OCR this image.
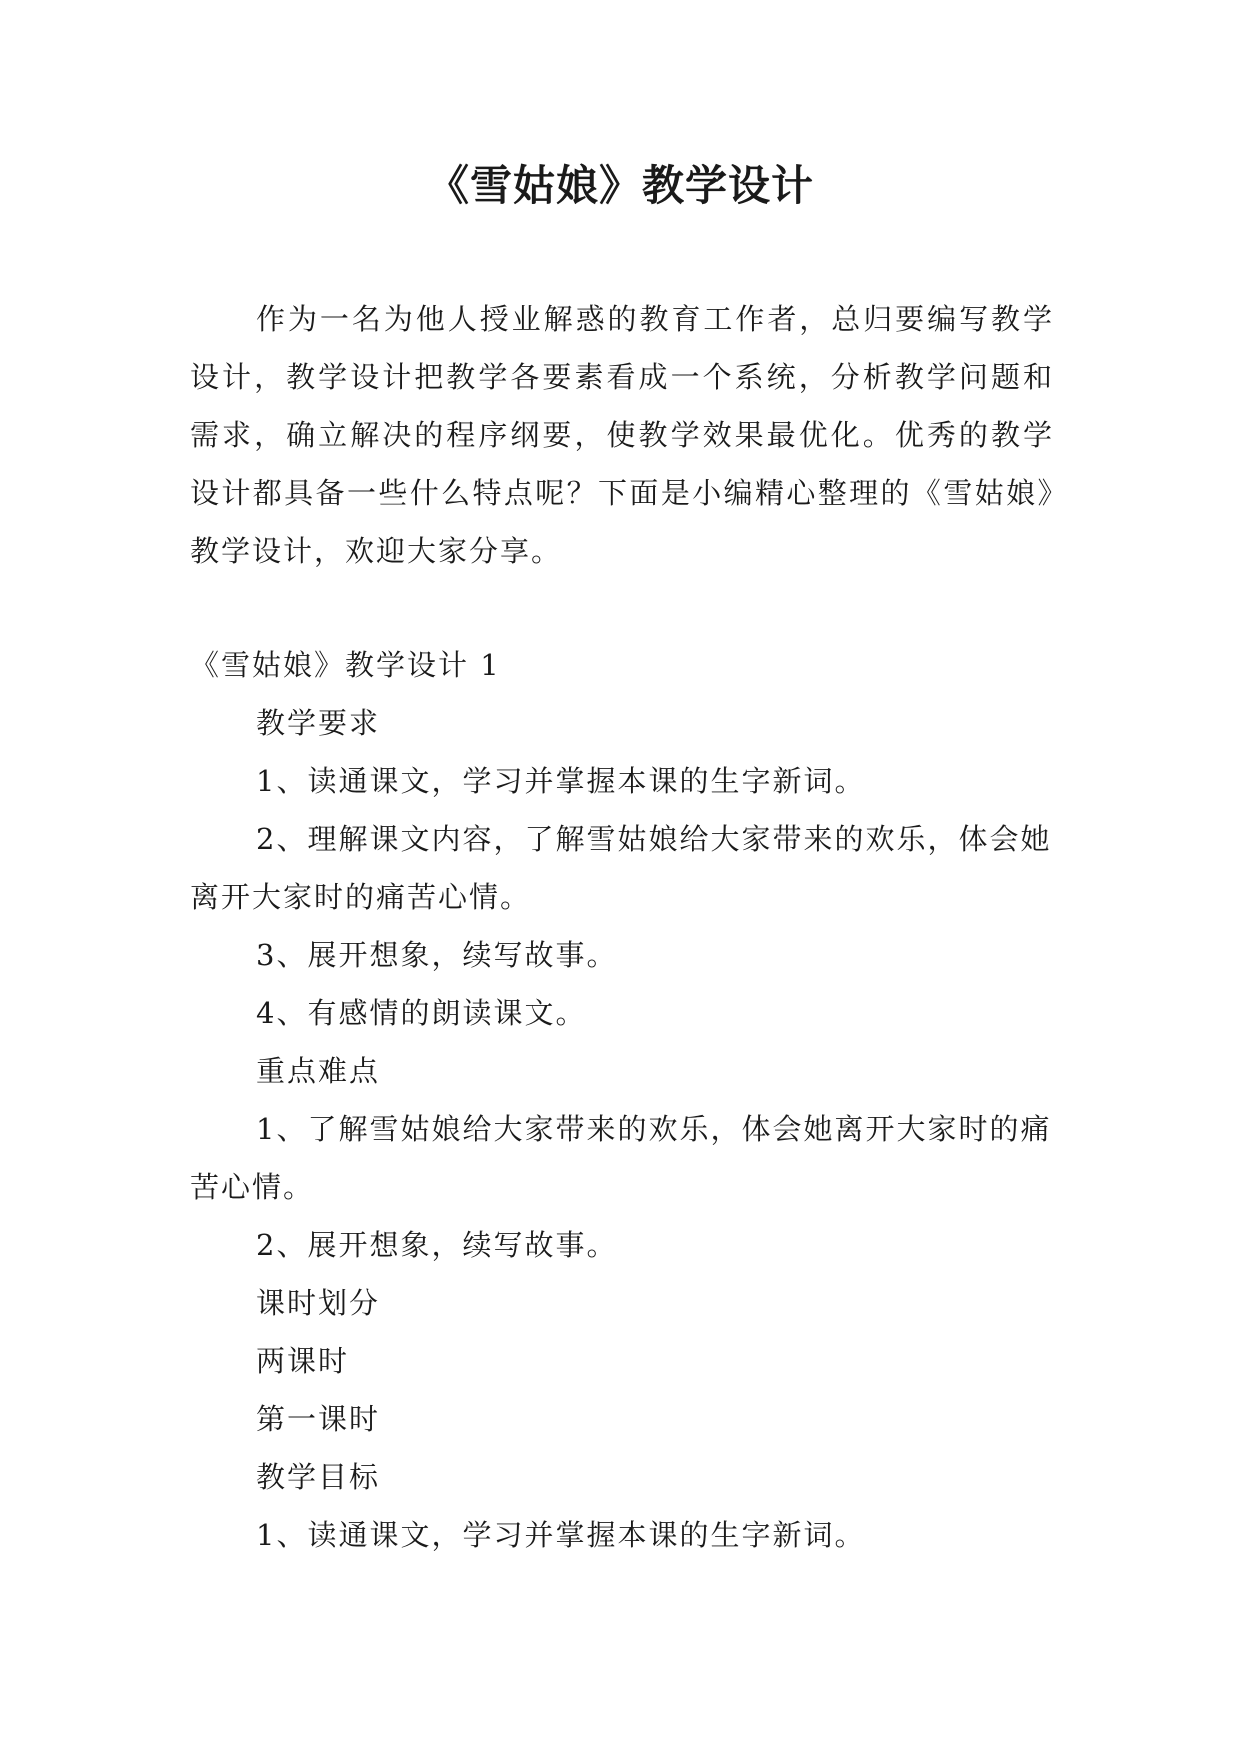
《雪姑娘》教学设计
作为一名为他人授业解惑的教育工作者，总归要编写教学设计，教学设计把教学各要素看成一个系统，分析教学问题和需求，确立解决的程序纲要，使教学效果最优化。优秀的教学设计都具备一些什么特点呢？下面是小编精心整理的《雪姑娘》教学设计，欢迎大家分享。
《雪姑娘》教学设计 1
教学要求
1、读通课文，学习并掌握本课的生字新词。
2、理解课文内容，了解雪姑娘给大家带来的欢乐，体会她离开大家时的痛苦心情。
3、展开想象，续写故事。
4、有感情的朗读课文。
重点难点
1、了解雪姑娘给大家带来的欢乐，体会她离开大家时的痛苦心情。
2、展开想象，续写故事。
课时划分
两课时
第一课时
教学目标
1、读通课文，学习并掌握本课的生字新词。
